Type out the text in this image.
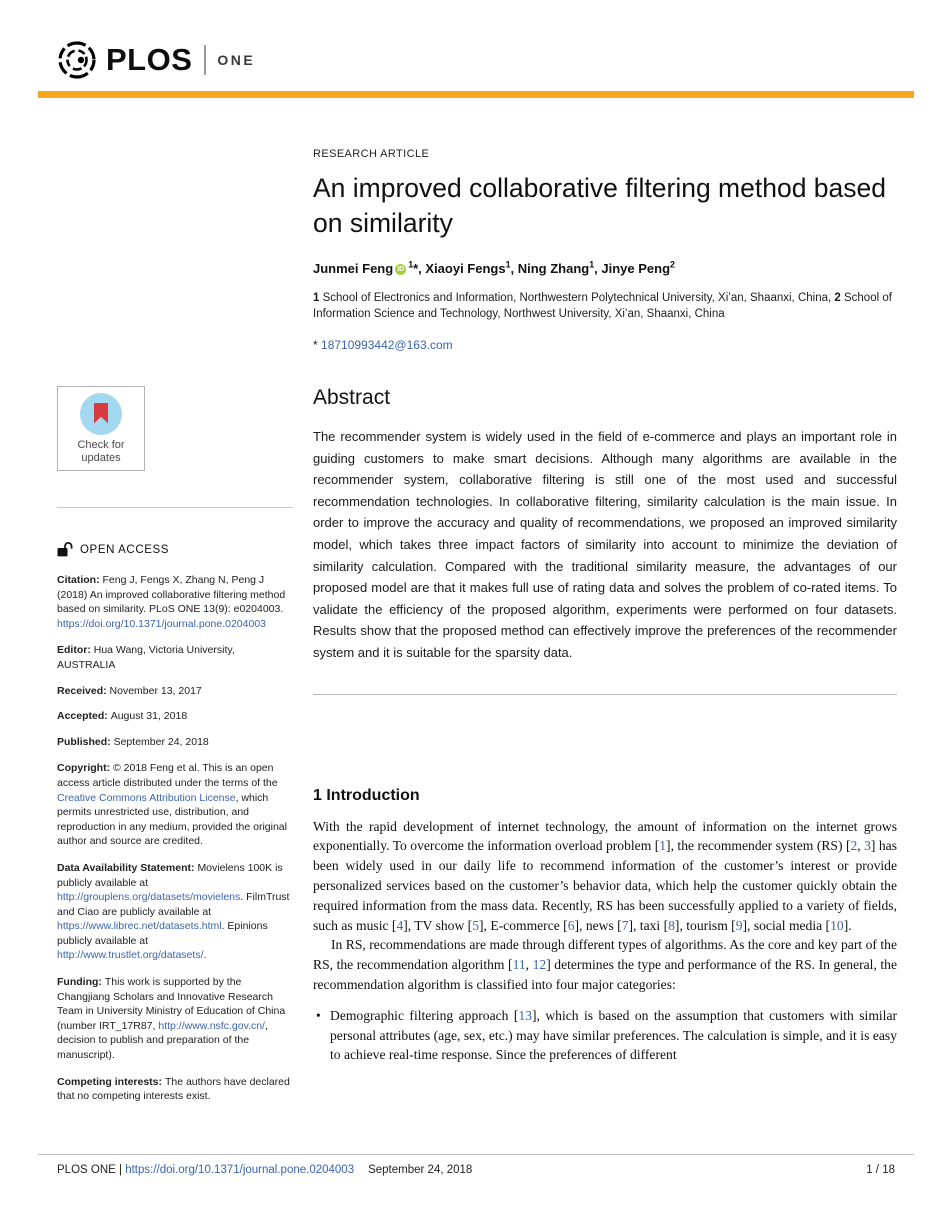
PLOS ONE
Check for
updates
OPEN ACCESS

Citation: Feng J, Fengs X, Zhang N, Peng J (2018) An improved collaborative filtering method based on similarity. PLoS ONE 13(9): e0204003. https://doi.org/10.1371/journal.pone.0204003

Editor: Hua Wang, Victoria University, AUSTRALIA

Received: November 13, 2017

Accepted: August 31, 2018

Published: September 24, 2018

Copyright: © 2018 Feng et al. This is an open access article distributed under the terms of the Creative Commons Attribution License, which permits unrestricted use, distribution, and reproduction in any medium, provided the original author and source are credited.

Data Availability Statement: Movielens 100K is publicly available at http://grouplens.org/datasets/movielens. FilmTrust and Ciao are publicly available at https://www.librec.net/datasets.html. Epinions publicly available at http://www.trustlet.org/datasets/.

Funding: This work is supported by the Changjiang Scholars and Innovative Research Team in University Ministry of Education of China (number IRT_17R87, http://www.nsfc.gov.cn/, decision to publish and preparation of the manuscript).

Competing interests: The authors have declared that no competing interests exist.

RESEARCH ARTICLE
An improved collaborative filtering method based on similarity

Junmei Feng iD $^1$*, Xiaoyi Fengs$^1$, Ning Zhang$^1$, Jinye Peng$^2$

1 School of Electronics and Information, Northwestern Polytechnical University, Xi’an, Shaanxi, China, 2 School of Information Science and Technology, Northwest University, Xi’an, Shaanxi, China

* 18710993442@163.com

Abstract

The recommender system is widely used in the field of e-commerce and plays an important role in guiding customers to make smart decisions. Although many algorithms are available in the recommender system, collaborative filtering is still one of the most used and successful recommendation technologies. In collaborative filtering, similarity calculation is the main issue. In order to improve the accuracy and quality of recommendations, we proposed an improved similarity model, which takes three impact factors of similarity into account to minimize the deviation of similarity calculation. Compared with the traditional similarity measure, the advantages of our proposed model are that it makes full use of rating data and solves the problem of co-rated items. To validate the efficiency of the proposed algorithm, experiments were performed on four datasets. Results show that the proposed method can effectively improve the preferences of the recommender system and it is suitable for the sparsity data.

1 Introduction

With the rapid development of internet technology, the amount of information on the internet grows exponentially. To overcome the information overload problem [1], the recommender system (RS) [2, 3] has been widely used in our daily life to recommend information of the customer’s interest or provide personalized services based on the customer’s behavior data, which help the customer quickly obtain the required information from the mass data. Recently, RS has been successfully applied to a variety of fields, such as music [4], TV show [5], E-commerce [6], news [7], taxi [8], tourism [9], social media [10].

In RS, recommendations are made through different types of algorithms. As the core and key part of the RS, the recommendation algorithm [11, 12] determines the type and performance of the RS. In general, the recommendation algorithm is classified into four major categories:

• Demographic filtering approach [13], which is based on the assumption that customers with similar personal attributes (age, sex, etc.) may have similar preferences. The calculation is simple, and it is easy to achieve real-time response. Since the preferences of different
PLOS ONE | https://doi.org/10.1371/journal.pone.0204003 September 24, 2018	1 / 18
